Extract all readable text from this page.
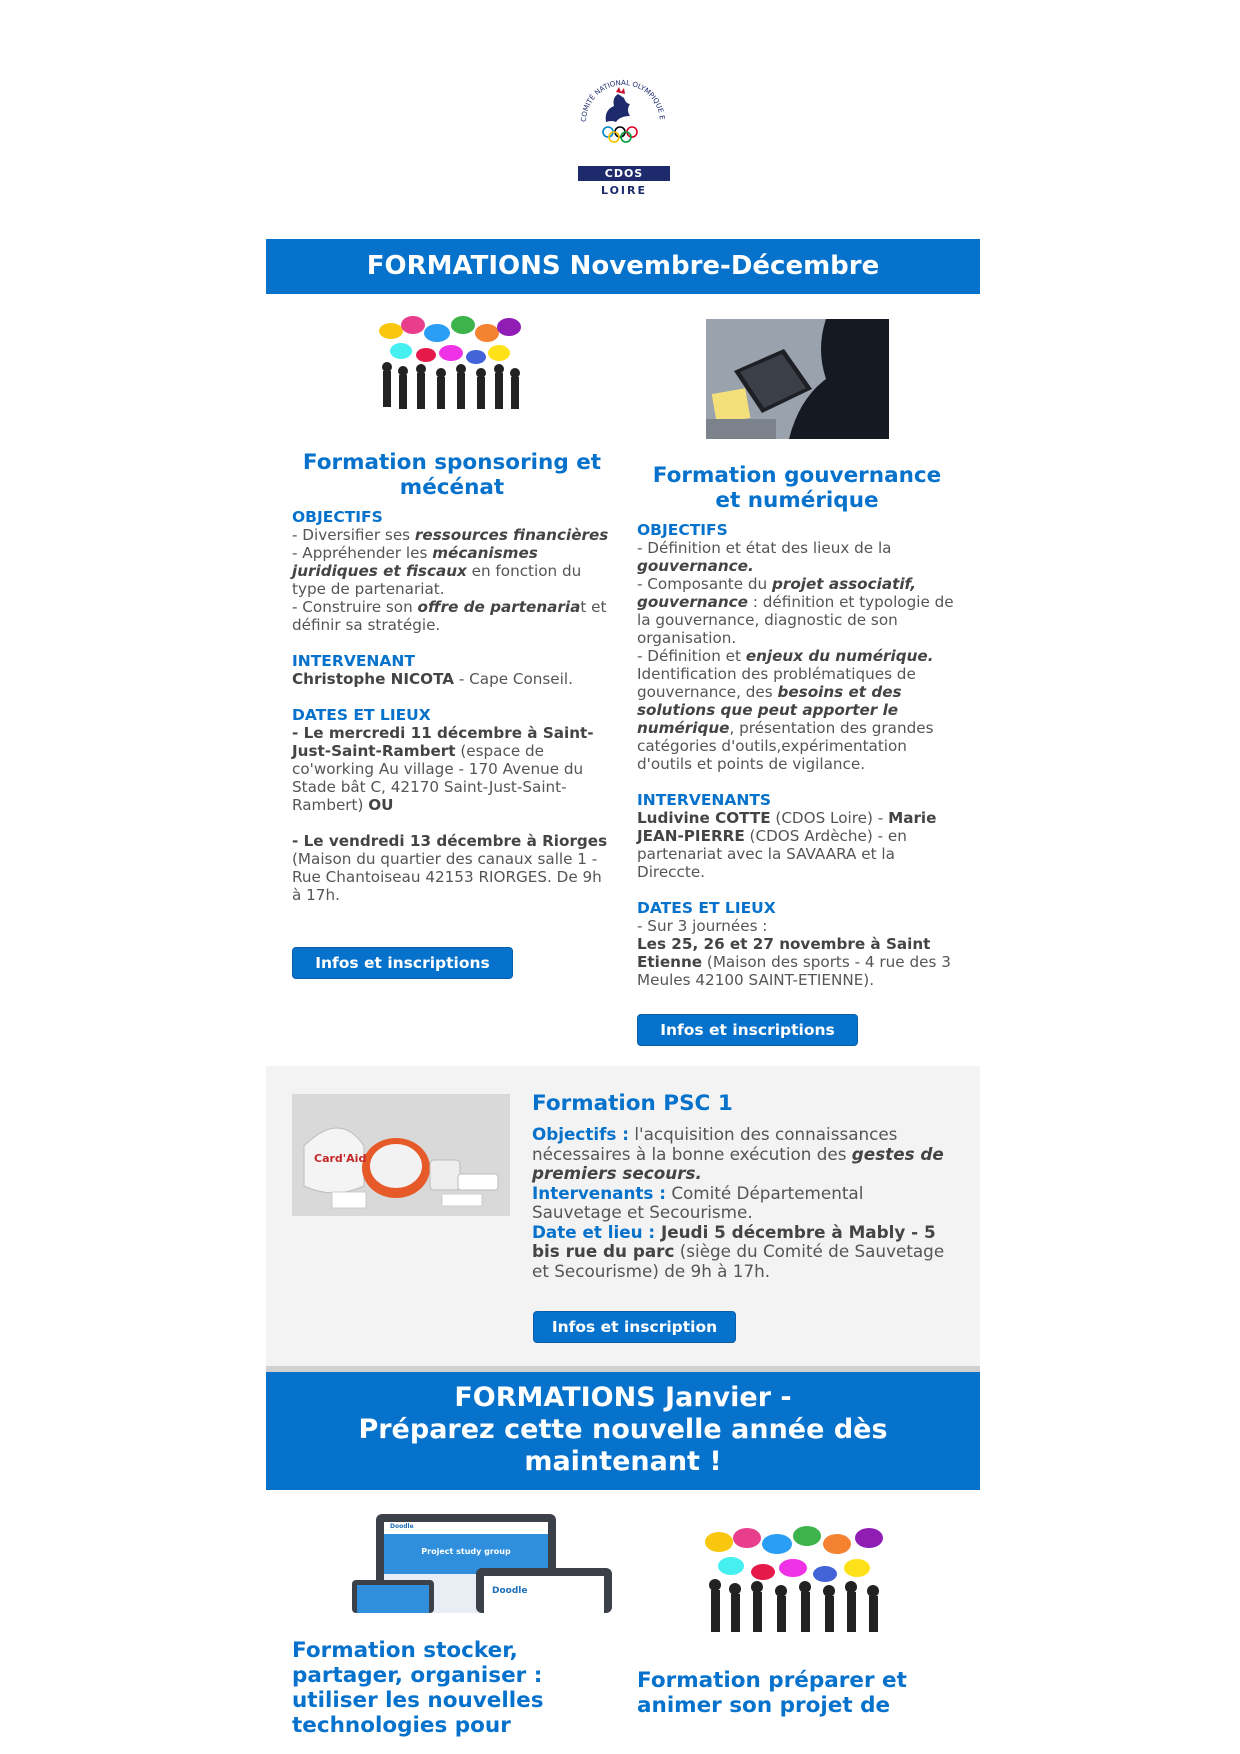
COMITÉ NATIONAL OLYMPIQUE E
CDOS
LOIRE
FORMATIONS Novembre-Décembre
Formation sponsoring et
mécénat
OBJECTIFS
- Diversifier ses ressources financières
- Appréhender les mécanismes juridiques et fiscaux en fonction du type de partenariat.
- Construire son offre de partenariat et définir sa stratégie.
INTERVENANT
Christophe NICOTA - Cape Conseil.
DATES ET LIEUX
- Le mercredi 11 décembre à Saint-Just-Saint-Rambert (espace de co'working Au village - 170 Avenue du Stade bât C, 42170 Saint-Just-Saint-Rambert) OU
- Le vendredi 13 décembre à Riorges (Maison du quartier des canaux salle 1 - Rue Chantoiseau 42153 RIORGES. De 9h à 17h.
Infos et inscriptions
Formation gouvernance
et numérique
OBJECTIFS
- Définition et état des lieux de la gouvernance.
- Composante du projet associatif, gouvernance : définition et typologie de la gouvernance, diagnostic de son organisation.
- Définition et enjeux du numérique. Identification des problématiques de gouvernance, des besoins et des solutions que peut apporter le numérique, présentation des grandes catégories d'outils,expérimentation d'outils et points de vigilance.
INTERVENANTS
Ludivine COTTE (CDOS Loire) - Marie JEAN-PIERRE (CDOS Ardèche) - en partenariat avec la SAVAARA et la Direccte.
DATES ET LIEUX
- Sur 3 journées :
Les 25, 26 et 27 novembre à Saint Etienne (Maison des sports - 4 rue des 3 Meules 42100 SAINT-ETIENNE).
Infos et inscriptions
Card'Aid
Formation PSC 1
Objectifs : l'acquisition des connaissances nécessaires à la bonne exécution des gestes de premiers secours.
Intervenants : Comité Départemental Sauvetage et Secourisme.
Date et lieu : Jeudi 5 décembre à Mably - 5 bis rue du parc (siège du Comité de Sauvetage et Secourisme) de 9h à 17h.
Infos et inscription
FORMATIONS Janvier -
Préparez cette nouvelle année dès
maintenant !
Doodle
Project study group
Doodle
Formation stocker, partager, organiser : utiliser les nouvelles technologies pour
Formation préparer et animer son projet de
